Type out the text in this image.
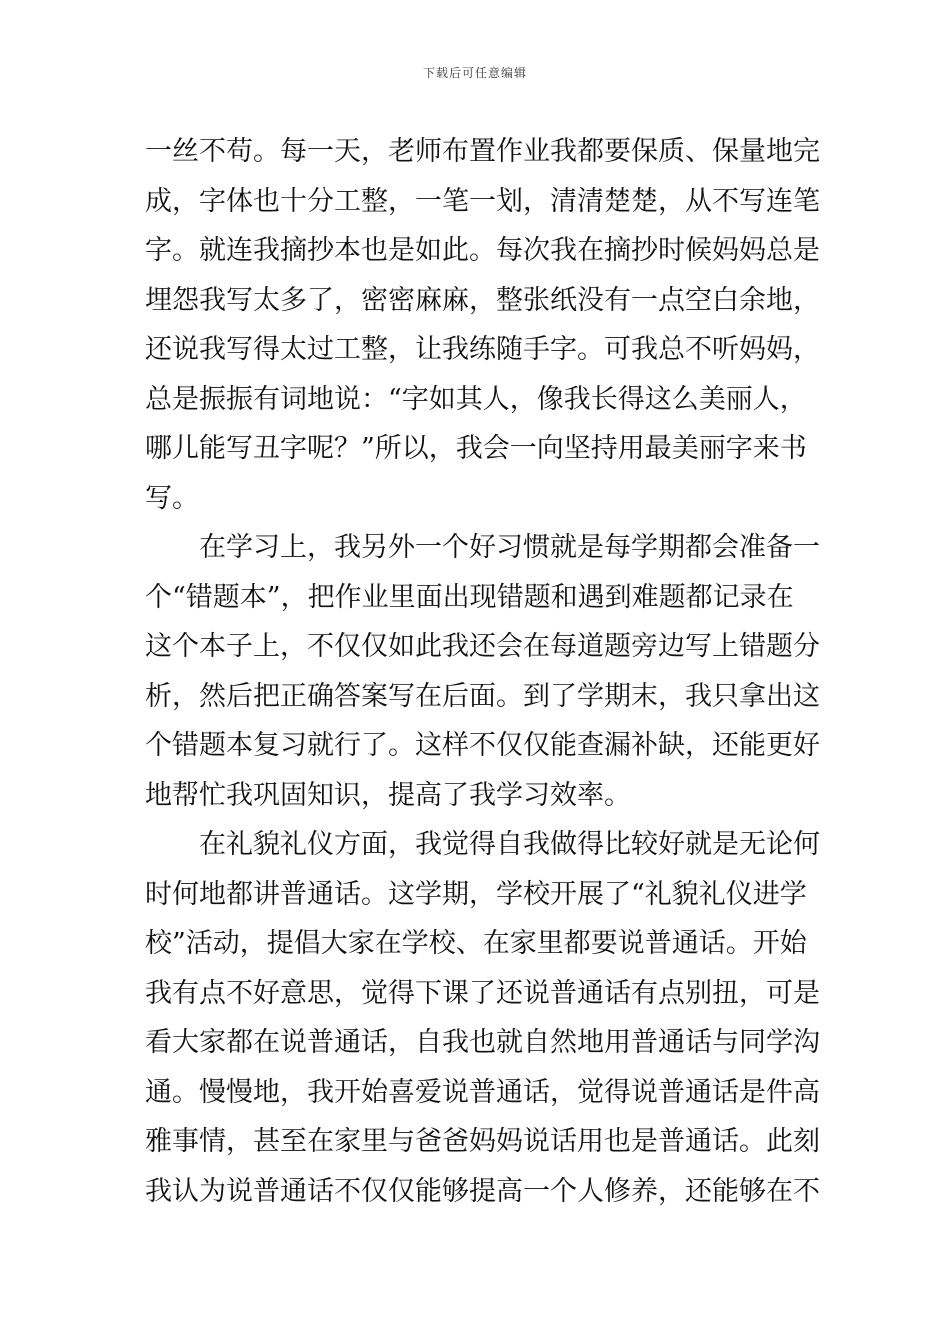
下载后可任意编辑
一丝不苟。每一天，老师布置作业我都要保质、保量地完
成，字体也十分工整，一笔一划，清清楚楚，从不写连笔
字。就连我摘抄本也是如此。每次我在摘抄时候妈妈总是
埋怨我写太多了，密密麻麻，整张纸没有一点空白余地，
还说我写得太过工整，让我练随手字。可我总不听妈妈，
总是振振有词地说：“字如其人，像我长得这么美丽人，
哪儿能写丑字呢？”所以，我会一向坚持用最美丽字来书
写。
　　在学习上，我另外一个好习惯就是每学期都会准备一
个“错题本”，把作业里面出现错题和遇到难题都记录在
这个本子上，不仅仅如此我还会在每道题旁边写上错题分
析，然后把正确答案写在后面。到了学期末，我只拿出这
个错题本复习就行了。这样不仅仅能查漏补缺，还能更好
地帮忙我巩固知识，提高了我学习效率。
　　在礼貌礼仪方面，我觉得自我做得比较好就是无论何
时何地都讲普通话。这学期，学校开展了“礼貌礼仪进学
校”活动，提倡大家在学校、在家里都要说普通话。开始
我有点不好意思，觉得下课了还说普通话有点别扭，可是
看大家都在说普通话，自我也就自然地用普通话与同学沟
通。慢慢地，我开始喜爱说普通话，觉得说普通话是件高
雅事情，甚至在家里与爸爸妈妈说话用也是普通话。此刻
我认为说普通话不仅仅能够提高一个人修养，还能够在不
